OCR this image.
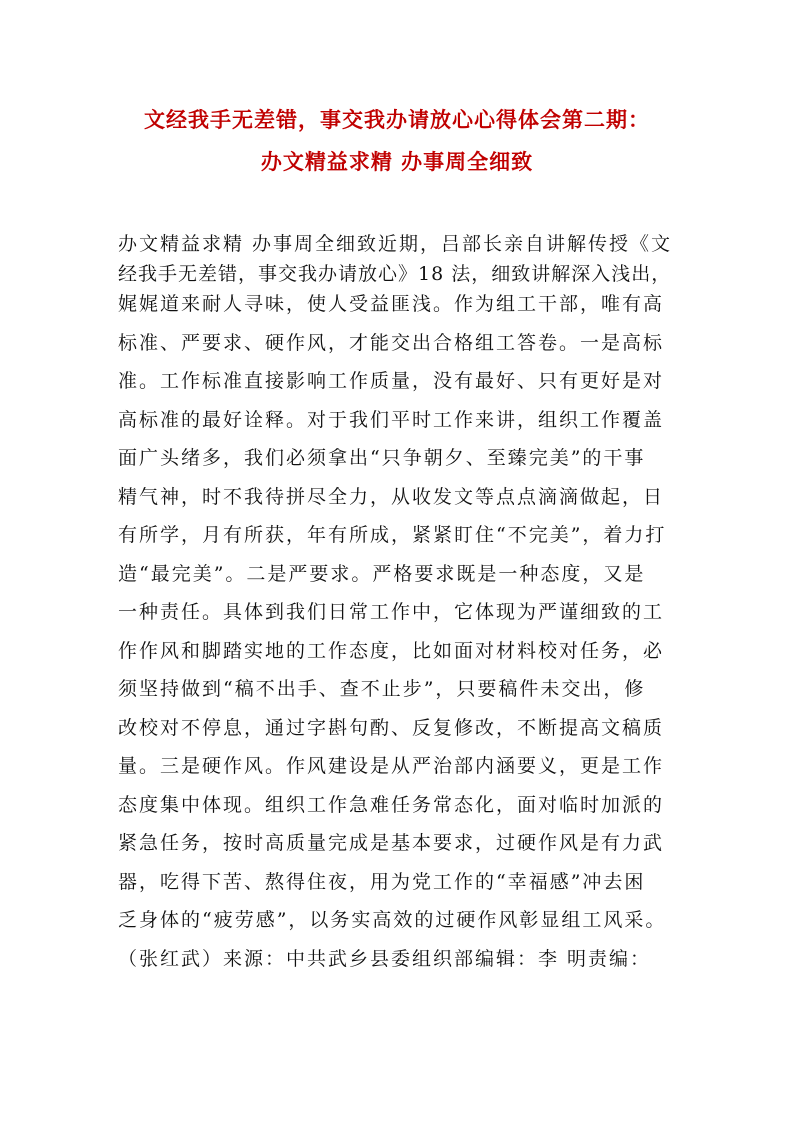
文经我手无差错，事交我办请放心心得体会第二期：
办文精益求精 办事周全细致
办文精益求精 办事周全细致近期，吕部长亲自讲解传授《文
经我手无差错，事交我办请放心》18 法，细致讲解深入浅出，
娓娓道来耐人寻味，使人受益匪浅。作为组工干部，唯有高
标准、严要求、硬作风，才能交出合格组工答卷。一是高标
准。工作标准直接影响工作质量，没有最好、只有更好是对
高标准的最好诠释。对于我们平时工作来讲，组织工作覆盖
面广头绪多，我们必须拿出“只争朝夕、至臻完美”的干事
精气神，时不我待拼尽全力，从收发文等点点滴滴做起，日
有所学，月有所获，年有所成，紧紧盯住“不完美”，着力打
造“最完美”。二是严要求。严格要求既是一种态度，又是
一种责任。具体到我们日常工作中，它体现为严谨细致的工
作作风和脚踏实地的工作态度，比如面对材料校对任务，必
须坚持做到“稿不出手、查不止步”，只要稿件未交出，修
改校对不停息，通过字斟句酌、反复修改，不断提高文稿质
量。三是硬作风。作风建设是从严治部内涵要义，更是工作
态度集中体现。组织工作急难任务常态化，面对临时加派的
紧急任务，按时高质量完成是基本要求，过硬作风是有力武
器，吃得下苦、熬得住夜，用为党工作的“幸福感”冲去困
乏身体的“疲劳感”，以务实高效的过硬作风彰显组工风采。
（张红武）来源：中共武乡县委组织部编辑：李 明责编：
